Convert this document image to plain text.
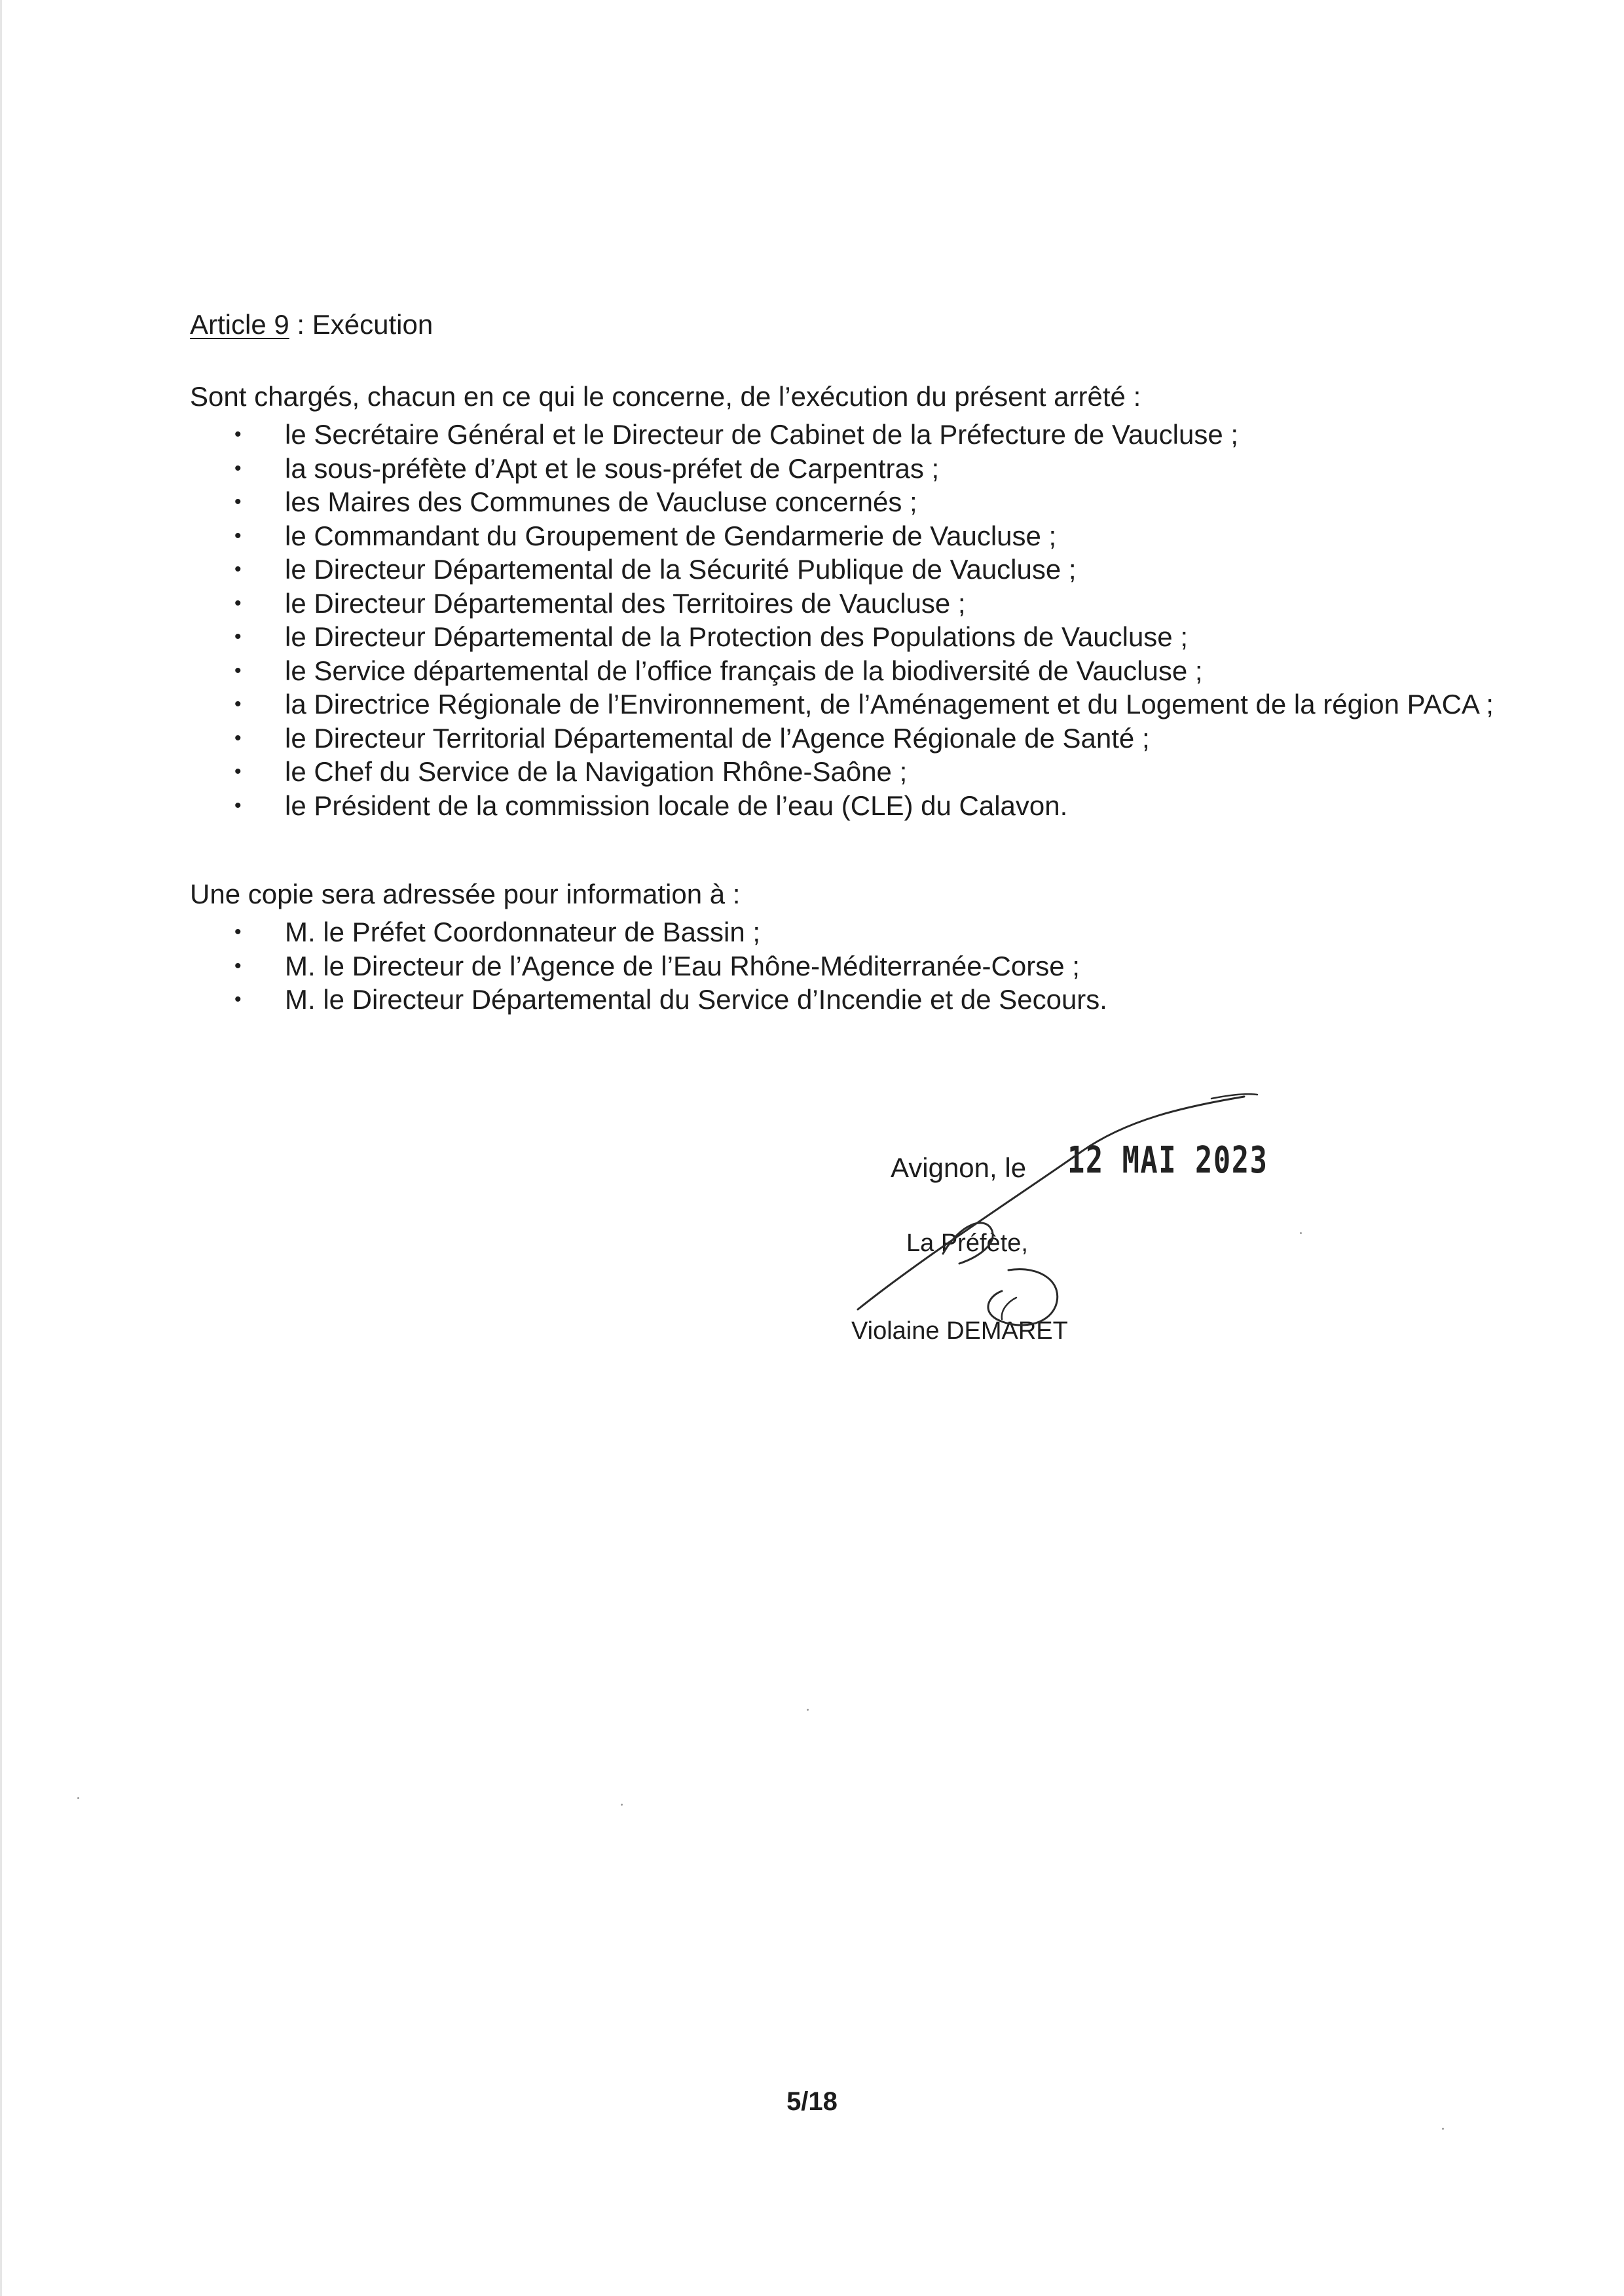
Article 9 : Exécution
Sont chargés, chacun en ce qui le concerne, de l’exécution du présent arrêté :
• le Secrétaire Général et le Directeur de Cabinet de la Préfecture de Vaucluse ;
• la sous-préfète d’Apt et le sous-préfet de Carpentras ;
• les Maires des Communes de Vaucluse concernés ;
• le Commandant du Groupement de Gendarmerie de Vaucluse ;
• le Directeur Départemental de la Sécurité Publique de Vaucluse ;
• le Directeur Départemental des Territoires de Vaucluse ;
• le Directeur Départemental de la Protection des Populations de Vaucluse ;
• le Service départemental de l’office français de la biodiversité de Vaucluse ;
• la Directrice Régionale de l’Environnement, de l’Aménagement et du Logement de la région PACA ;
• le Directeur Territorial Départemental de l’Agence Régionale de Santé ;
• le Chef du Service de la Navigation Rhône-Saône ;
• le Président de la commission locale de l’eau (CLE) du Calavon.
Une copie sera adressée pour information à :
• M. le Préfet Coordonnateur de Bassin ;
• M. le Directeur de l’Agence de l’Eau Rhône-Méditerranée-Corse ;
• M. le Directeur Départemental du Service d’Incendie et de Secours.
Avignon, le 12 MAI 2023
La Préfète,
Violaine DEMARET
5/18
